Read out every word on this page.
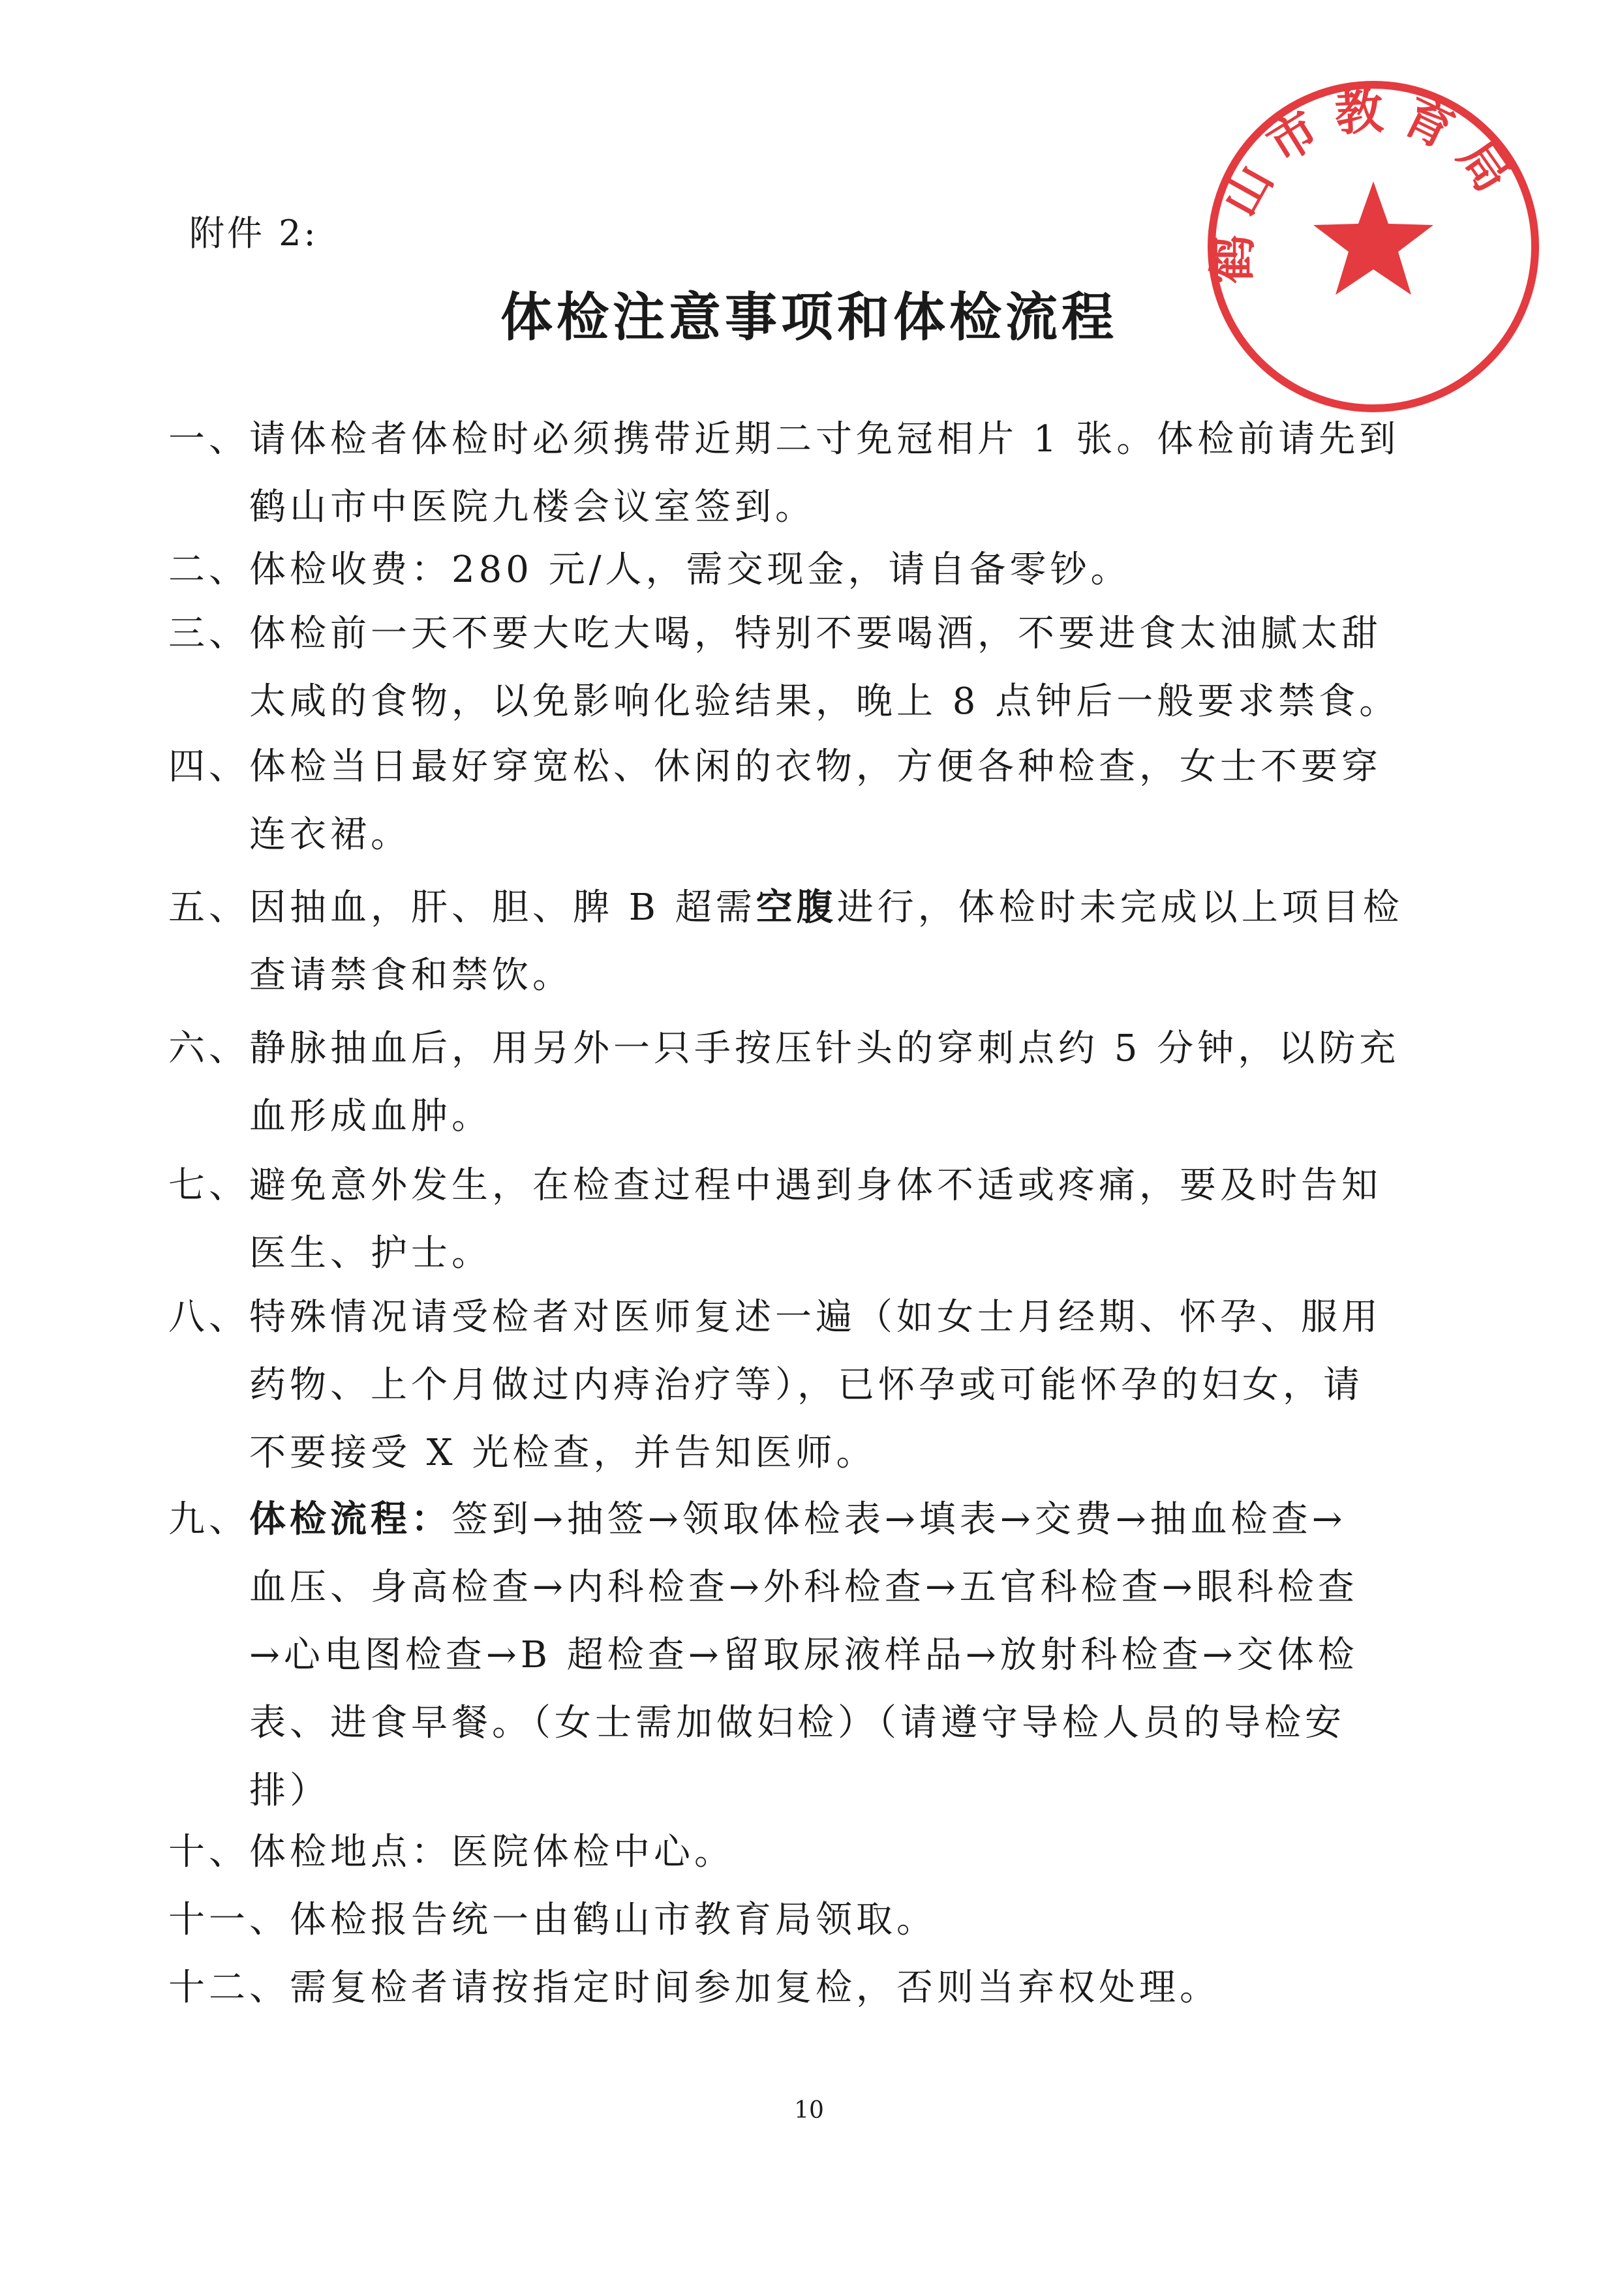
鹤山市教育局
附件 2:
体检注意事项和体检流程
一、 请体检者体检时必须携带近期二寸免冠相片 1 张。体检前请先到
鹤山市中医院九楼会议室签到。
二、 体检收费：280 元/人，需交现金，请自备零钞。
三、 体检前一天不要大吃大喝，特别不要喝酒，不要进食太油腻太甜
太咸的食物，以免影响化验结果，晚上 8 点钟后一般要求禁食。
四、 体检当日最好穿宽松、休闲的衣物，方便各种检查，女士不要穿
连衣裙。
五、 因抽血，肝、胆、脾 B 超需空腹进行，体检时未完成以上项目检
查请禁食和禁饮。
六、 静脉抽血后，用另外一只手按压针头的穿刺点约 5 分钟，以防充
血形成血肿。
七、 避免意外发生，在检查过程中遇到身体不适或疼痛，要及时告知
医生、护士。
八、 特殊情况请受检者对医师复述一遍（如女士月经期、怀孕、服用
药物、上个月做过内痔治疗等），已怀孕或可能怀孕的妇女，请
不要接受 X 光检查，并告知医师。
九、 体检流程：签到→抽签→领取体检表→填表→交费→抽血检查→
血压、身高检查→内科检查→外科检查→五官科检查→眼科检查
→心电图检查→B 超检查→留取尿液样品→放射科检查→交体检
表、进食早餐。（女士需加做妇检）（请遵守导检人员的导检安
排）
十、 体检地点：医院体检中心。
十一、 体检报告统一由鹤山市教育局领取。
十二、 需复检者请按指定时间参加复检，否则当弃权处理。
10
